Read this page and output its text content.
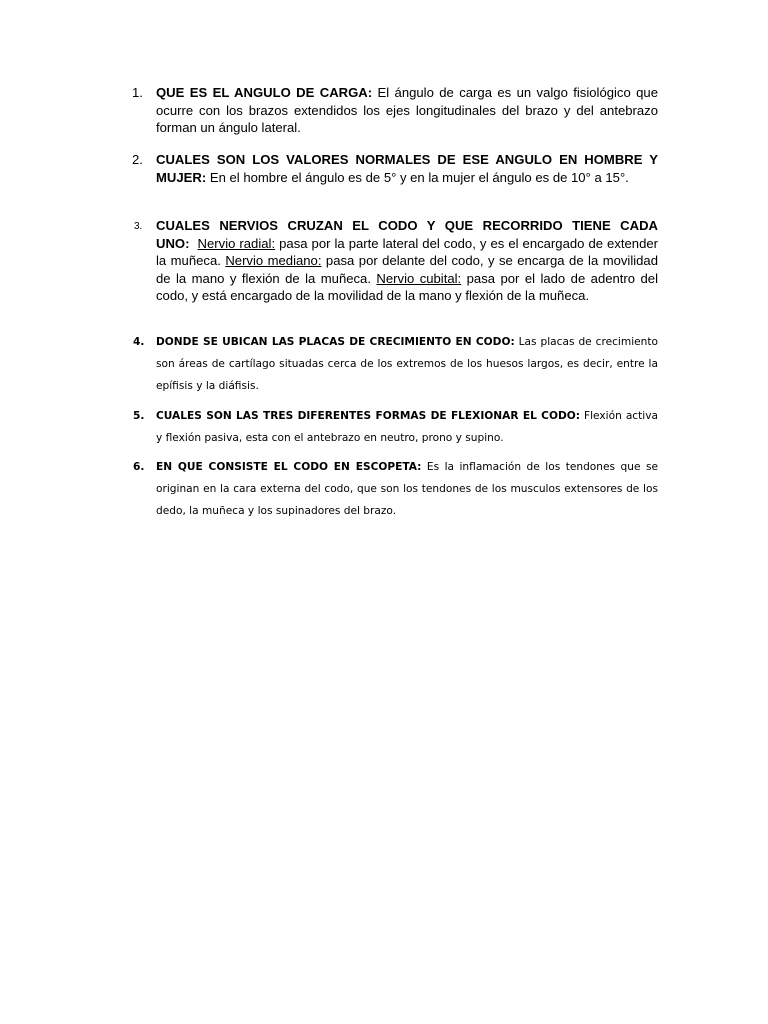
1. QUE ES EL ANGULO DE CARGA: El ángulo de carga es un valgo fisiológico que ocurre con los brazos extendidos los ejes longitudinales del brazo y del antebrazo forman un ángulo lateral.
2. CUALES SON LOS VALORES NORMALES DE ESE ANGULO EN HOMBRE Y MUJER: En el hombre el ángulo es de 5° y en la mujer el ángulo es de 10° a 15°.
3.	CUALES NERVIOS CRUZAN EL CODO Y QUE RECORRIDO TIENE CADA UNO: Nervio radial: pasa por la parte lateral del codo, y es el encargado de extender la muñeca. Nervio mediano: pasa por delante del codo, y se encarga de la movilidad de la mano y flexión de la muñeca. Nervio cubital: pasa por el lado de adentro del codo, y está encargado de la movilidad de la mano y flexión de la muñeca.
4.	DONDE SE UBICAN LAS PLACAS DE CRECIMIENTO EN CODO: Las placas de crecimiento son áreas de cartílago situadas cerca de los extremos de los huesos largos, es decir, entre la epífisis y la diáfisis.
5.	CUALES SON LAS TRES DIFERENTES FORMAS DE FLEXIONAR EL CODO: Flexión activa y flexión pasiva, esta con el antebrazo en neutro, prono y supino.
6.	EN QUE CONSISTE EL CODO EN ESCOPETA: Es la inflamación de los tendones que se originan en la cara externa del codo, que son los tendones de los musculos extensores de los dedo, la muñeca y los supinadores del brazo.
